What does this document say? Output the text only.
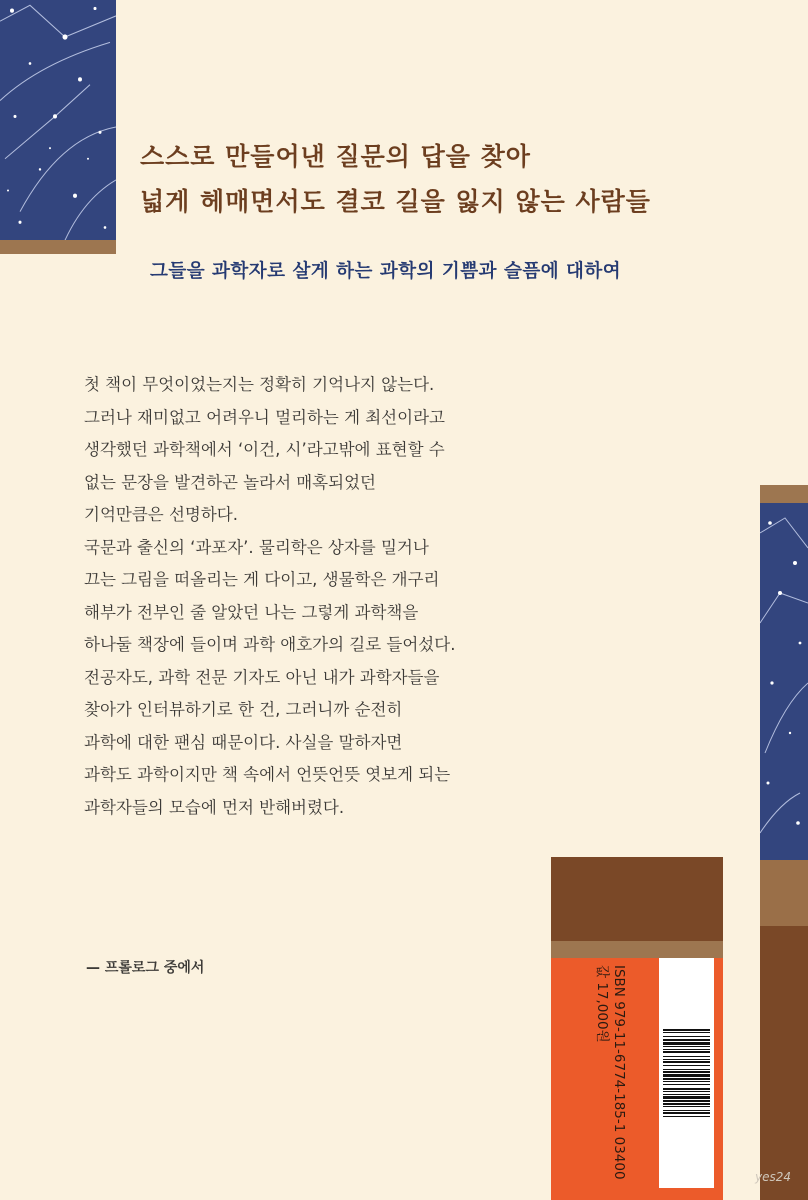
스스로 만들어낸 질문의 답을 찾아
넓게 헤매면서도 결코 길을 잃지 않는 사람들
그들을 과학자로 살게 하는 과학의 기쁨과 슬픔에 대하여
첫 책이 무엇이었는지는 정확히 기억나지 않는다.
그러나 재미없고 어려우니 멀리하는 게 최선이라고
생각했던 과학책에서 ‘이건, 시’라고밖에 표현할 수
없는 문장을 발견하곤 놀라서 매혹되었던
기억만큼은 선명하다.
국문과 출신의 ‘과포자’. 물리학은 상자를 밀거나
끄는 그림을 떠올리는 게 다이고, 생물학은 개구리
해부가 전부인 줄 알았던 나는 그렇게 과학책을
하나둘 책장에 들이며 과학 애호가의 길로 들어섰다.
전공자도, 과학 전문 기자도 아닌 내가 과학자들을
찾아가 인터뷰하기로 한 건, 그러니까 순전히
과학에 대한 팬심 때문이다. 사실을 말하자면
과학도 과학이지만 책 속에서 언뜻언뜻 엿보게 되는
과학자들의 모습에 먼저 반해버렸다.

— 프롤로그 중에서	ISBN 979-11-6774-185-1 03400
값 17,000원
yes24
